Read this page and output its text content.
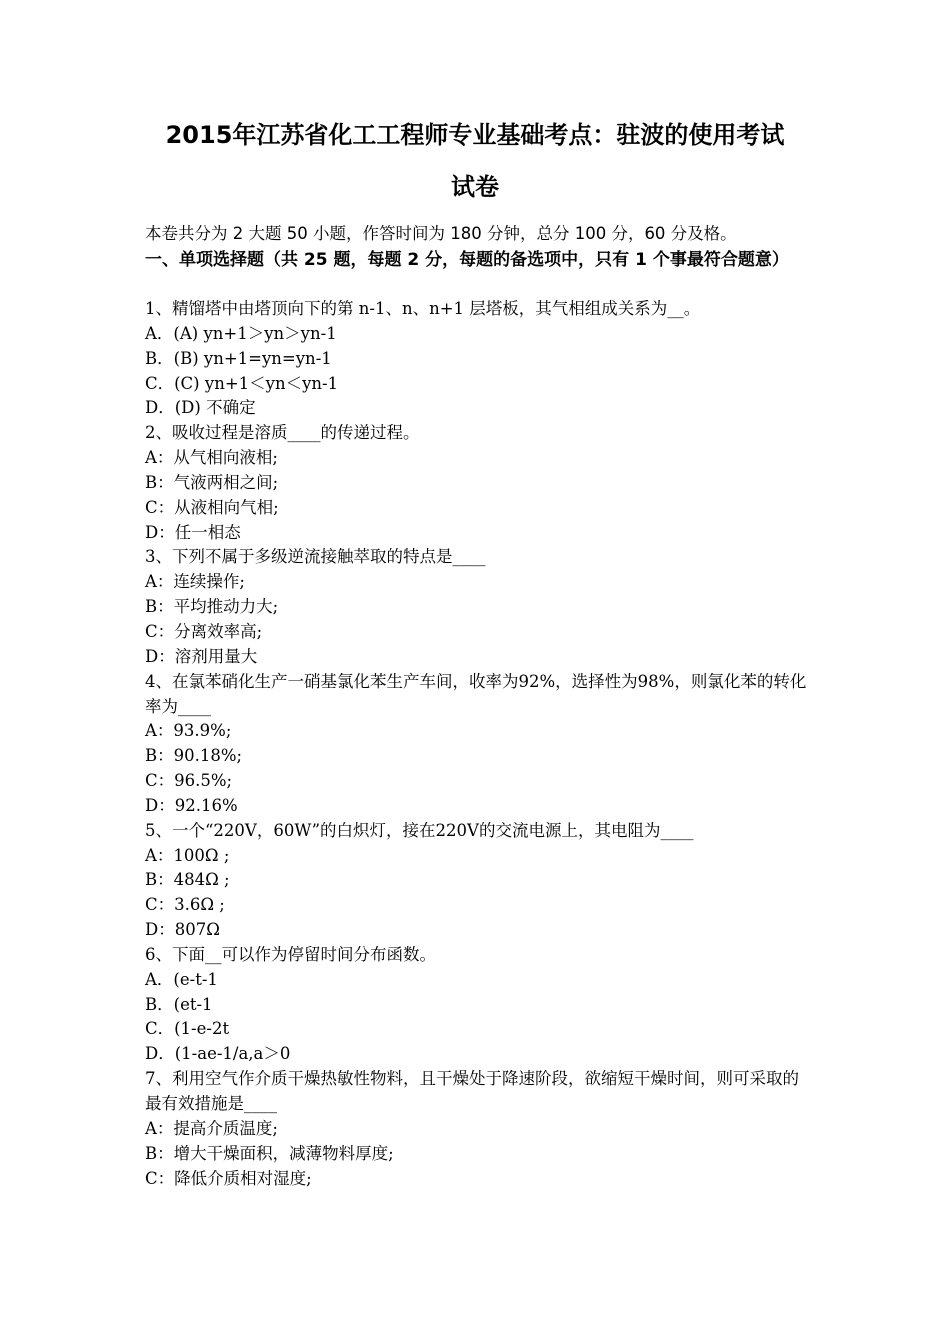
2015年江苏省化工工程师专业基础考点：驻波的使用考试
试卷

本卷共分为 2 大题 50 小题，作答时间为 180 分钟，总分 100 分，60 分及格。

一、单项选择题（共 25 题，每题 2 分，每题的备选项中，只有 1 个事最符合题意）

1、精馏塔中由塔顶向下的第 n-1、n、n+1 层塔板，其气相组成关系为__。

A．(A) yn+1＞yn＞yn-1

B．(B) yn+1=yn=yn-1

C．(C) yn+1＜yn＜yn-1

D．(D) 不确定

2、吸收过程是溶质____的传递过程。

A：从气相向液相;

B：气液两相之间;

C：从液相向气相;

D：任一相态

3、下列不属于多级逆流接触萃取的特点是____

A：连续操作;

B：平均推动力大;

C：分离效率高;

D：溶剂用量大

4、在氯苯硝化生产一硝基氯化苯生产车间，收率为92%，选择性为98%，则氯化苯的转化率为____

A：93.9%;

B：90.18%;

C：96.5%;

D：92.16%

5、一个“220V，60W”的白炽灯，接在220V的交流电源上，其电阻为____

A：100Ω ;

B：484Ω ;

C：3.6Ω ;

D：807Ω

6、下面__可以作为停留时间分布函数。

A．(e-t-1

B．(et-1

C．(1-e-2t

D．(1-ae-1/a,a＞0

7、利用空气作介质干燥热敏性物料，且干燥处于降速阶段，欲缩短干燥时间，则可采取的最有效措施是____

A：提高介质温度;

B：增大干燥面积，减薄物料厚度;

C：降低介质相对湿度;
